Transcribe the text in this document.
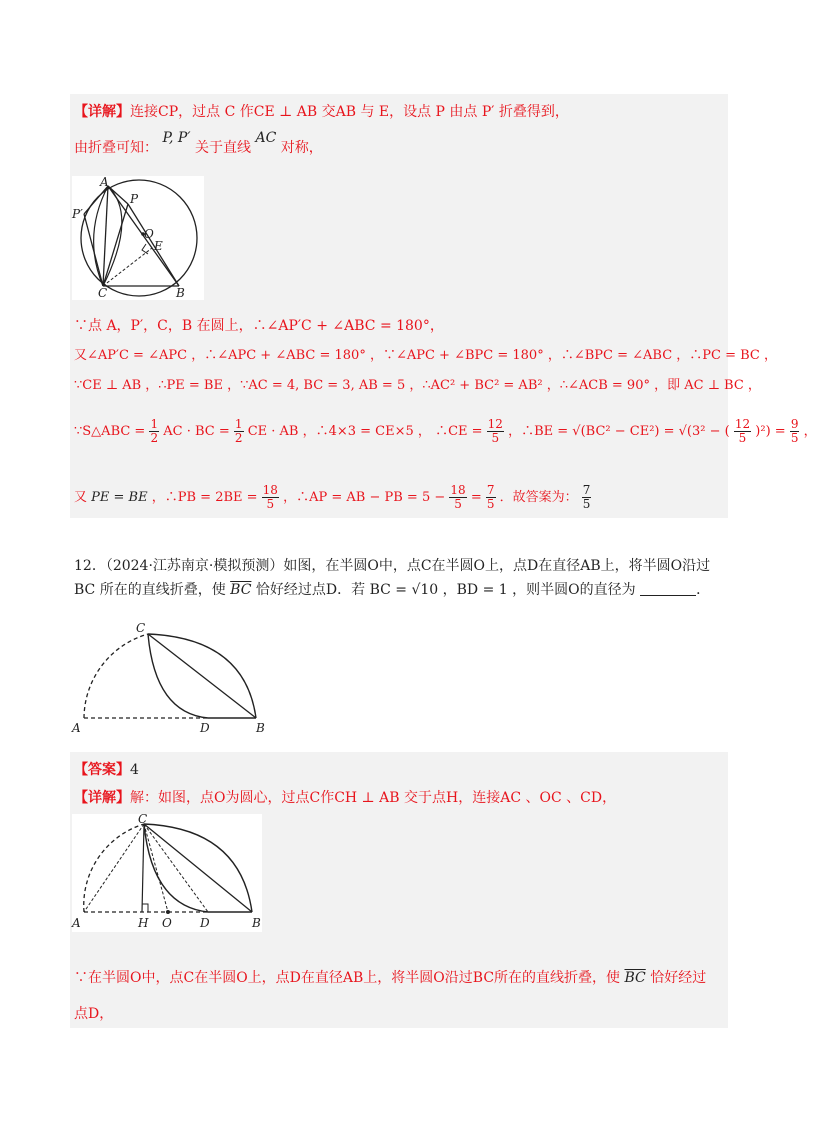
【详解】连接CP，过点 C 作CE ⊥ AB 交AB 与 E，设点 P 由点 P′ 折叠得到，
由折叠可知： P, P′ 关于直线 AC 对称，
A
P
P′
O
E
C	B
∵点 A，P′，C，B 在圆上，∴∠AP′C + ∠ABC = 180°，
又∠AP′C = ∠APC ，∴∠APC + ∠ABC = 180° ，∵∠APC + ∠BPC = 180° ，∴∠BPC = ∠ABC ，∴PC = BC ，
∵CE ⊥ AB ，∴PE = BE ，∵AC = 4, BC = 3, AB = 5 ，∴AC² + BC² = AB² ，∴∠ACB = 90° ，即 AC ⊥ BC ，
∵S△ABC = $\frac{1}{2}$ AC · BC = $\frac{1}{2}$ CE · AB ，∴4×3 = CE×5 ， ∴CE = $\frac{12}{5}$ ，∴BE = √(BC² − CE²) = √(3² − ( $\frac{12}{5} )^2) = \frac{9}{5}$ ，
又 PE = BE ，∴PB = $2BE = \frac{18}{5}$ ，∴AP = AB − PB = $5 - \frac{18}{5} = \frac{7}{5}$ ．故答案为： $\frac{7}{5}$
12．（2024·江苏南京·模拟预测）如图，在半圆O中，点C在半圆O上，点D在直径AB上，将半圆O沿过
BC 所在的直线折叠，使 $\overline{BC}$ 恰好经过点D．若 BC = √10 ，BD = 1 ，则半圆O的直径为	．
C
A	D	B
【答案】4
【详解】解：如图，点O为圆心，过点C作CH ⊥ AB 交于点H，连接AC 、OC 、CD，
C
A	H O D	B
∵在半圆O中，点C在半圆O上，点D在直径AB上，将半圆O沿过BC所在的直线折叠，使 $\overline{BC}$ 恰好经过
点D，
